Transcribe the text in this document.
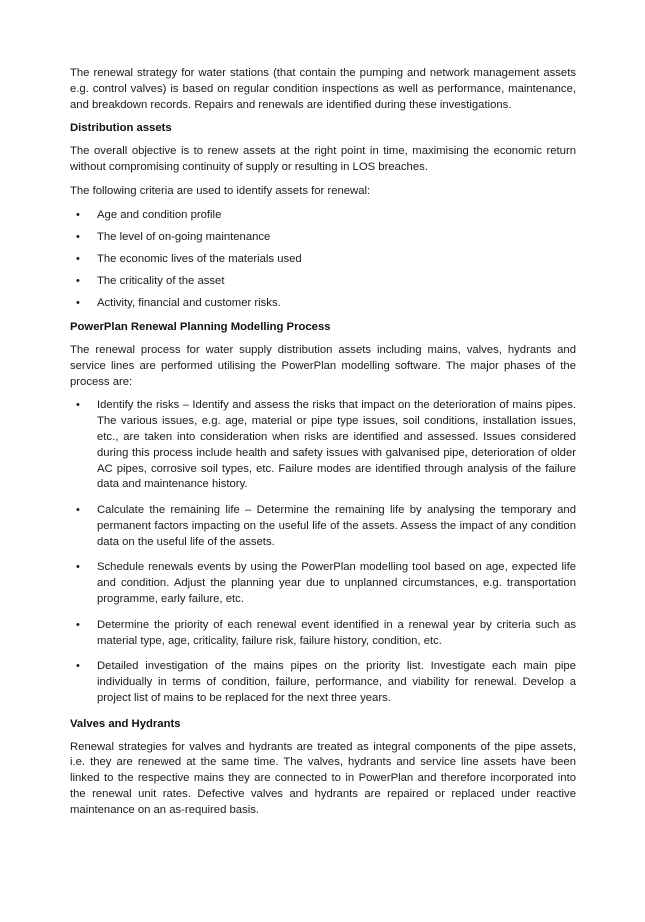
The renewal strategy for water stations (that contain the pumping and network management assets e.g. control valves) is based on regular condition inspections as well as performance, maintenance, and breakdown records. Repairs and renewals are identified during these investigations.

Distribution assets

The overall objective is to renew assets at the right point in time, maximising the economic return without compromising continuity of supply or resulting in LOS breaches.

The following criteria are used to identify assets for renewal:

• Age and condition profile
• The level of on-going maintenance
• The economic lives of the materials used
• The criticality of the asset
• Activity, financial and customer risks.
PowerPlan Renewal Planning Modelling Process

The renewal process for water supply distribution assets including mains, valves, hydrants and service lines are performed utilising the PowerPlan modelling software. The major phases of the process are:

• Identify the risks – Identify and assess the risks that impact on the deterioration of mains pipes. The various issues, e.g. age, material or pipe type issues, soil conditions, installation issues, etc., are taken into consideration when risks are identified and assessed. Issues considered during this process include health and safety issues with galvanised pipe, deterioration of older AC pipes, corrosive soil types, etc. Failure modes are identified through analysis of the failure data and maintenance history.
• Calculate the remaining life – Determine the remaining life by analysing the temporary and permanent factors impacting on the useful life of the assets. Assess the impact of any condition data on the useful life of the assets.
• Schedule renewals events by using the PowerPlan modelling tool based on age, expected life and condition. Adjust the planning year due to unplanned circumstances, e.g. transportation programme, early failure, etc.
• Determine the priority of each renewal event identified in a renewal year by criteria such as material type, age, criticality, failure risk, failure history, condition, etc.
• Detailed investigation of the mains pipes on the priority list. Investigate each main pipe individually in terms of condition, failure, performance, and viability for renewal. Develop a project list of mains to be replaced for the next three years.
Valves and Hydrants

Renewal strategies for valves and hydrants are treated as integral components of the pipe assets, i.e. they are renewed at the same time. The valves, hydrants and service line assets have been linked to the respective mains they are connected to in PowerPlan and therefore incorporated into the renewal unit rates. Defective valves and hydrants are repaired or replaced under reactive maintenance on an as-required basis.
